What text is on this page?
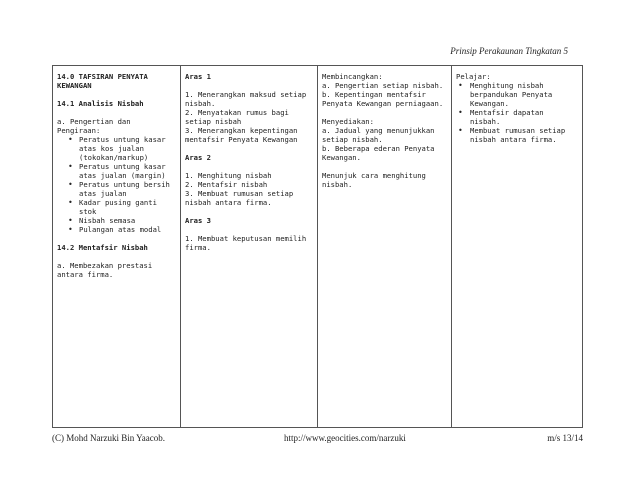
Prinsip Perakaunan Tingkatan 5
14.0 TAFSIRAN PENYATA KEWANGAN
14.1 Analisis Nisbah
a. Pengertian dan Pengiraan:
• Peratus untung kasar atas kos jualan (tokokan/markup)
• Peratus untung kasar atas jualan (margin)
• Peratus untung bersih atas jualan
• Kadar pusing ganti stok
• Nisbah semasa
• Pulangan atas modal
14.2 Mentafsir Nisbah
a. Membezakan prestasi antara firma.
Aras 1
1. Menerangkan maksud setiap nisbah.
2. Menyatakan rumus bagi setiap nisbah
3. Menerangkan kepentingan mentafsir Penyata Kewangan
Aras 2
1. Menghitung nisbah
2. Mentafsir nisbah
3. Membuat rumusan setiap nisbah antara firma.
Aras 3
1. Membuat keputusan memilih firma.
Membincangkan:
a. Pengertian setiap nisbah.
b. Kepentingan mentafsir Penyata Kewangan perniagaan.
Menyediakan:
a. Jadual yang menunjukkan setiap nisbah.
b. Beberapa ederan Penyata Kewangan.
Menunjuk cara menghitung nisbah.
Pelajar:
• Menghitung nisbah berpandukan Penyata Kewangan.
• Mentafsir dapatan nisbah.
• Membuat rumusan setiap nisbah antara firma.
(C) Mohd Narzuki Bin Yaacob.	http://www.geocities.com/narzuki	m/s 13/14
